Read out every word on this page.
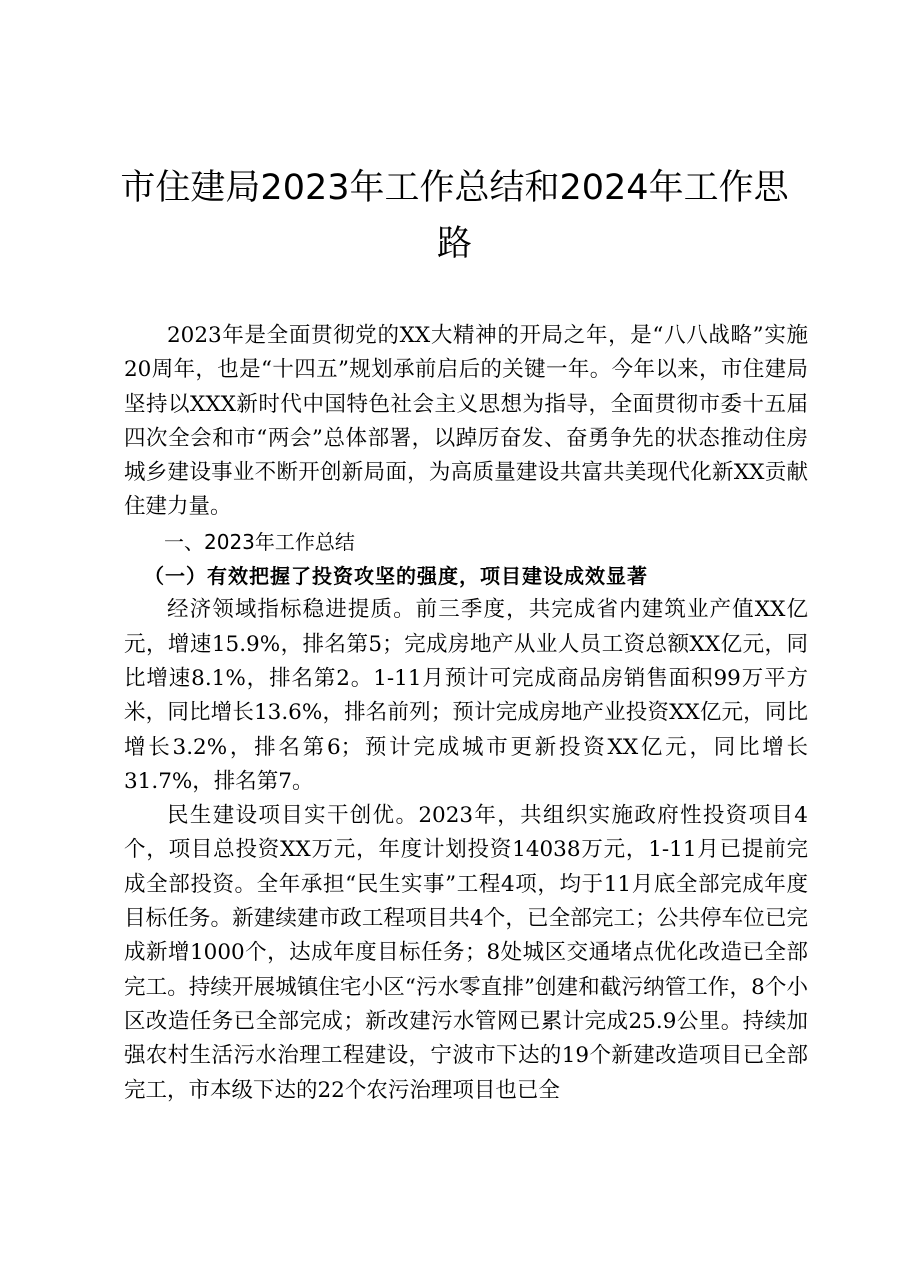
市住建局2023年工作总结和2024年工作思路

2023年是全面贯彻党的XX大精神的开局之年，是“八八战略”实施20周年，也是“十四五”规划承前启后的关键一年。今年以来，市住建局坚持以XXX新时代中国特色社会主义思想为指导，全面贯彻市委十五届四次全会和市“两会”总体部署，以踔厉奋发、奋勇争先的状态推动住房城乡建设事业不断开创新局面，为高质量建设共富共美现代化新XX贡献住建力量。

一、2023年工作总结

（一）有效把握了投资攻坚的强度，项目建设成效显著

经济领域指标稳进提质。前三季度，共完成省内建筑业产值XX亿元，增速15.9%，排名第5；完成房地产从业人员工资总额XX亿元，同比增速8.1%，排名第2。1-11月预计可完成商品房销售面积99万平方米，同比增长13.6%，排名前列；预计完成房地产业投资XX亿元，同比增长3.2%，排名第6；预计完成城市更新投资XX亿元，同比增长31.7%，排名第7。

民生建设项目实干创优。2023年，共组织实施政府性投资项目4个，项目总投资XX万元，年度计划投资14038万元，1-11月已提前完成全部投资。全年承担“民生实事”工程4项，均于11月底全部完成年度目标任务。新建续建市政工程项目共4个，已全部完工；公共停车位已完成新增1000个，达成年度目标任务；8处城区交通堵点优化改造已全部完工。持续开展城镇住宅小区“污水零直排”创建和截污纳管工作，8个小区改造任务已全部完成；新改建污水管网已累计完成25.9公里。持续加强农村生活污水治理工程建设，宁波市下达的19个新建改造项目已全部完工，市本级下达的22个农污治理项目也已全
